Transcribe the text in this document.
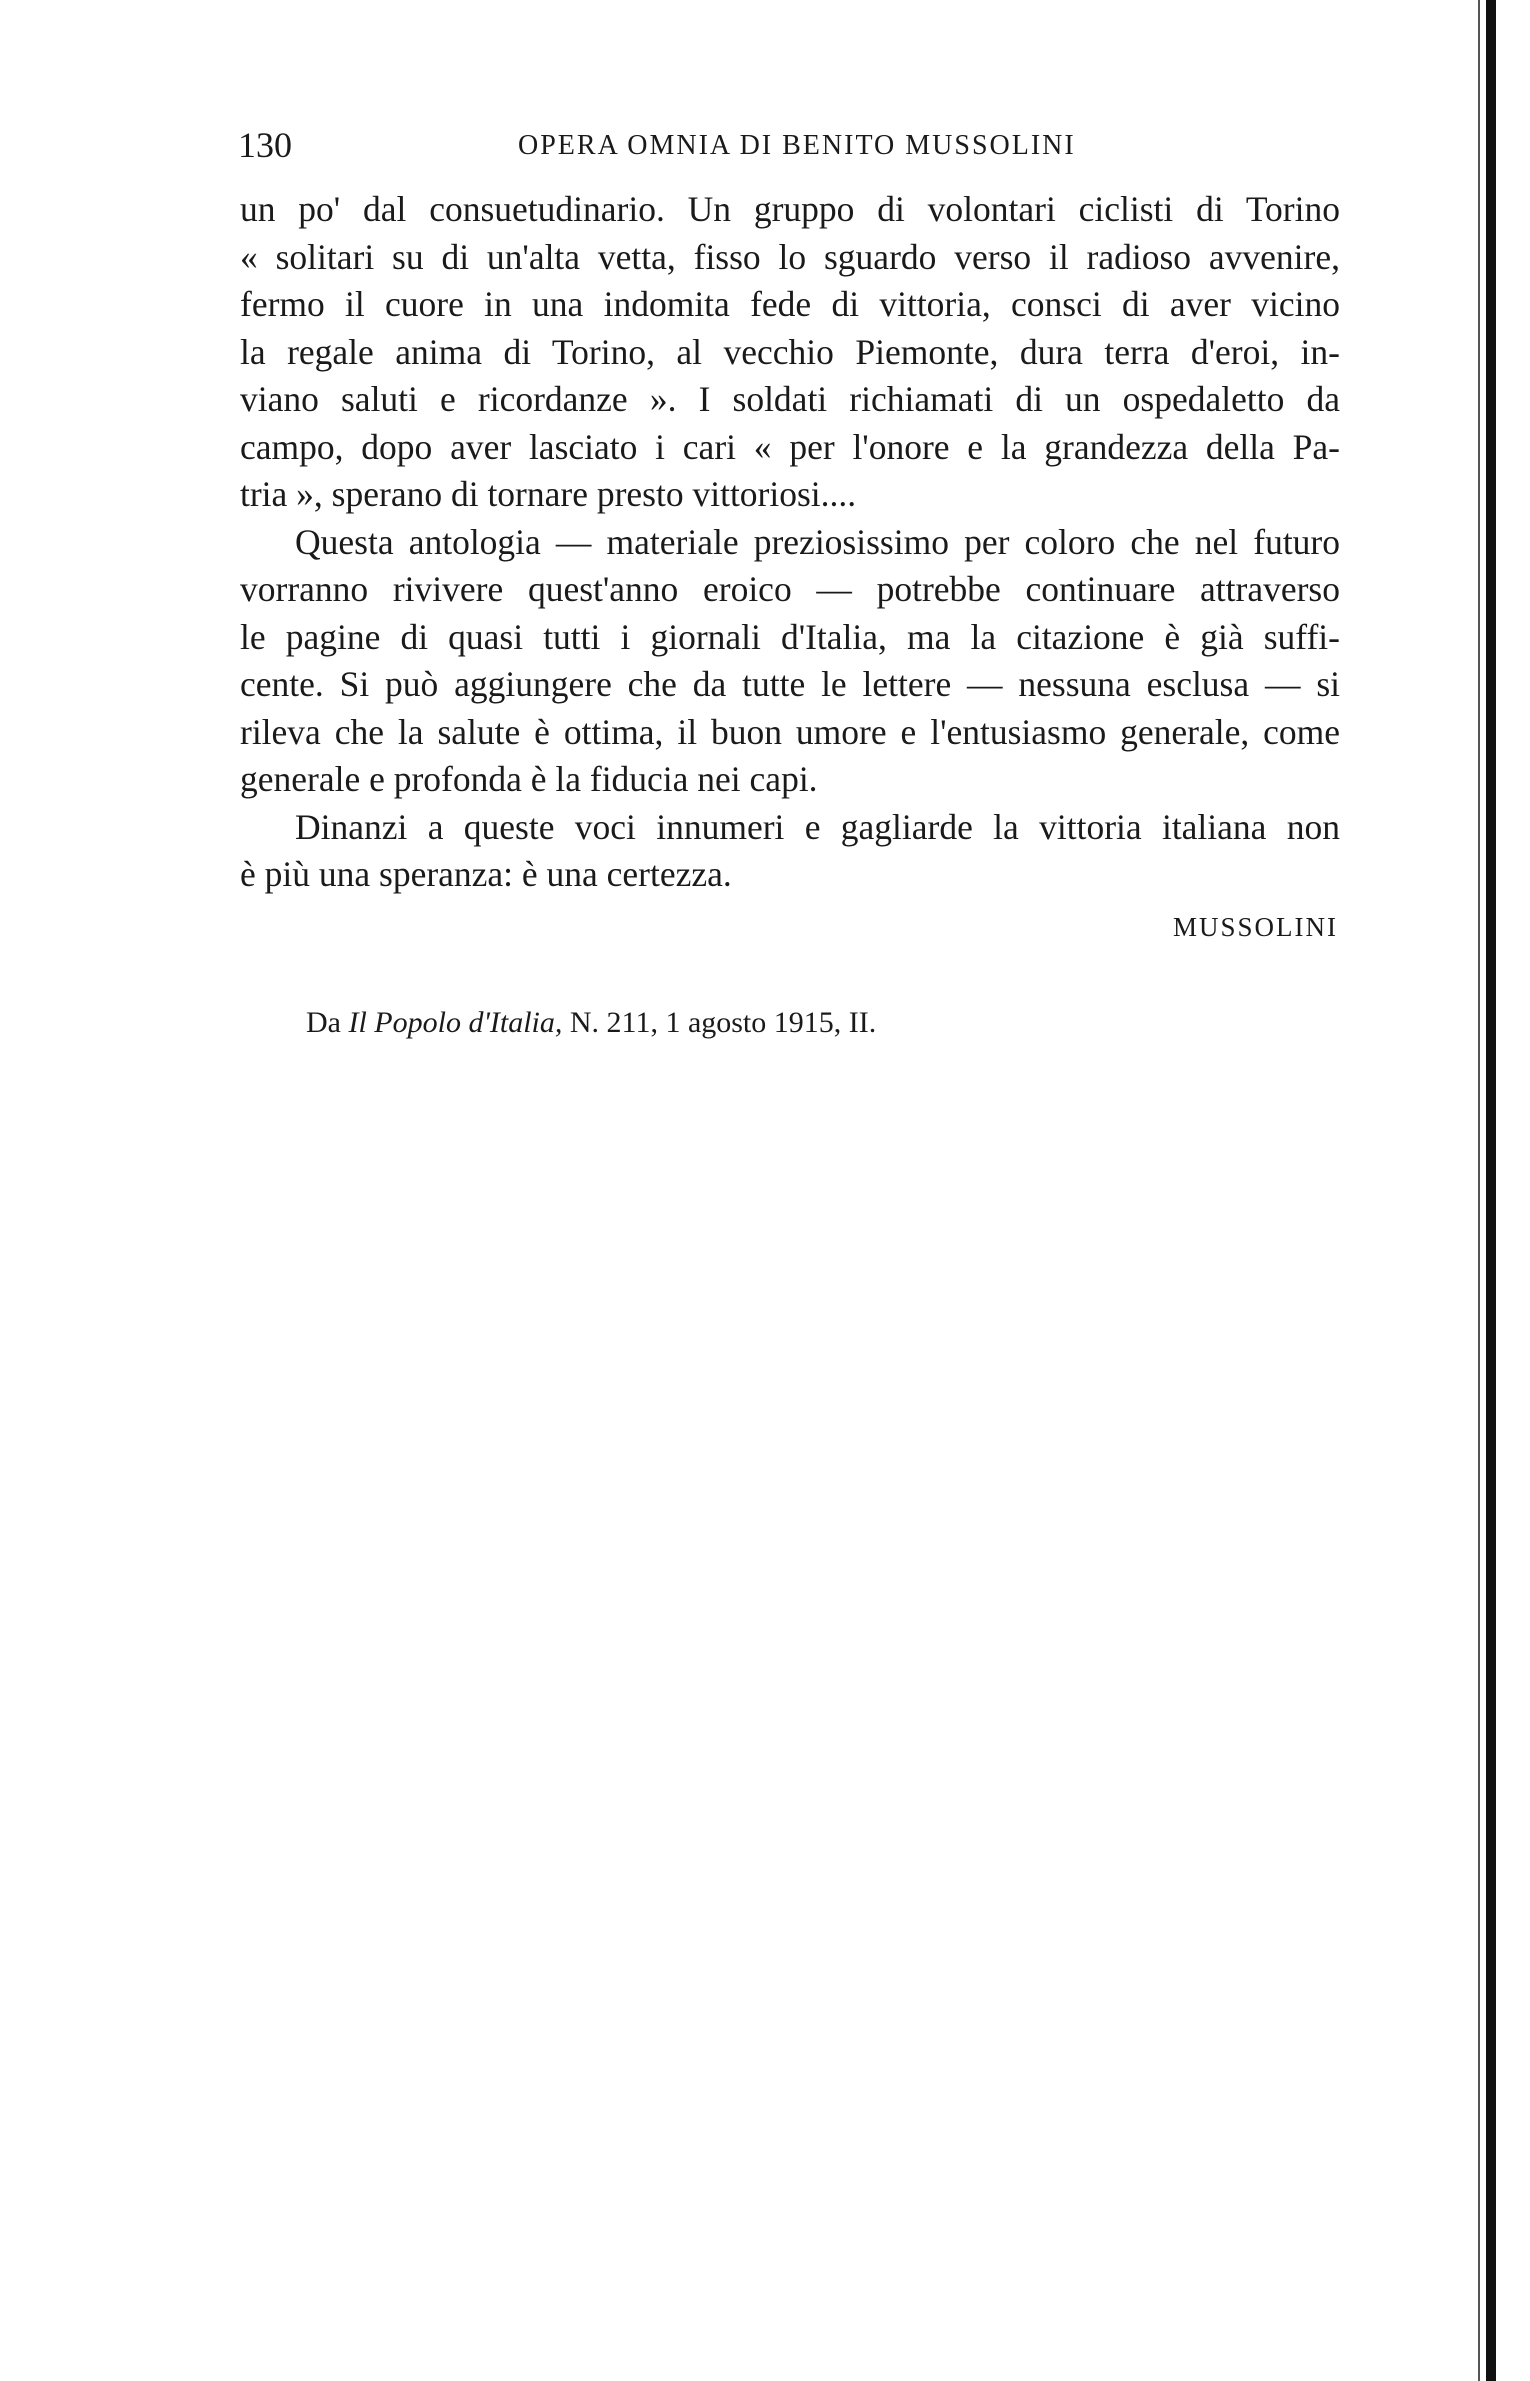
130	OPERA OMNIA DI BENITO MUSSOLINI
un po' dal consuetudinario. Un gruppo di volontari ciclisti di Torino
« solitari su di un'alta vetta, fisso lo sguardo verso il radioso avvenire,
fermo il cuore in una indomita fede di vittoria, consci di aver vicino
la regale anima di Torino, al vecchio Piemonte, dura terra d'eroi, in-
viano saluti e ricordanze ». I soldati richiamati di un ospedaletto da
campo, dopo aver lasciato i cari « per l'onore e la grandezza della Pa-
tria », sperano di tornare presto vittoriosi....
Questa antologia — materiale preziosissimo per coloro che nel futuro
vorranno rivivere quest'anno eroico — potrebbe continuare attraverso
le pagine di quasi tutti i giornali d'Italia, ma la citazione è già suffi-
cente. Si può aggiungere che da tutte le lettere — nessuna esclusa — si
rileva che la salute è ottima, il buon umore e l'entusiasmo generale, come
generale e profonda è la fiducia nei capi.
Dinanzi a queste voci innumeri e gagliarde la vittoria italiana non
è più una speranza: è una certezza.
MUSSOLINI
Da Il Popolo d'Italia, N. 211, 1 agosto 1915, II.
